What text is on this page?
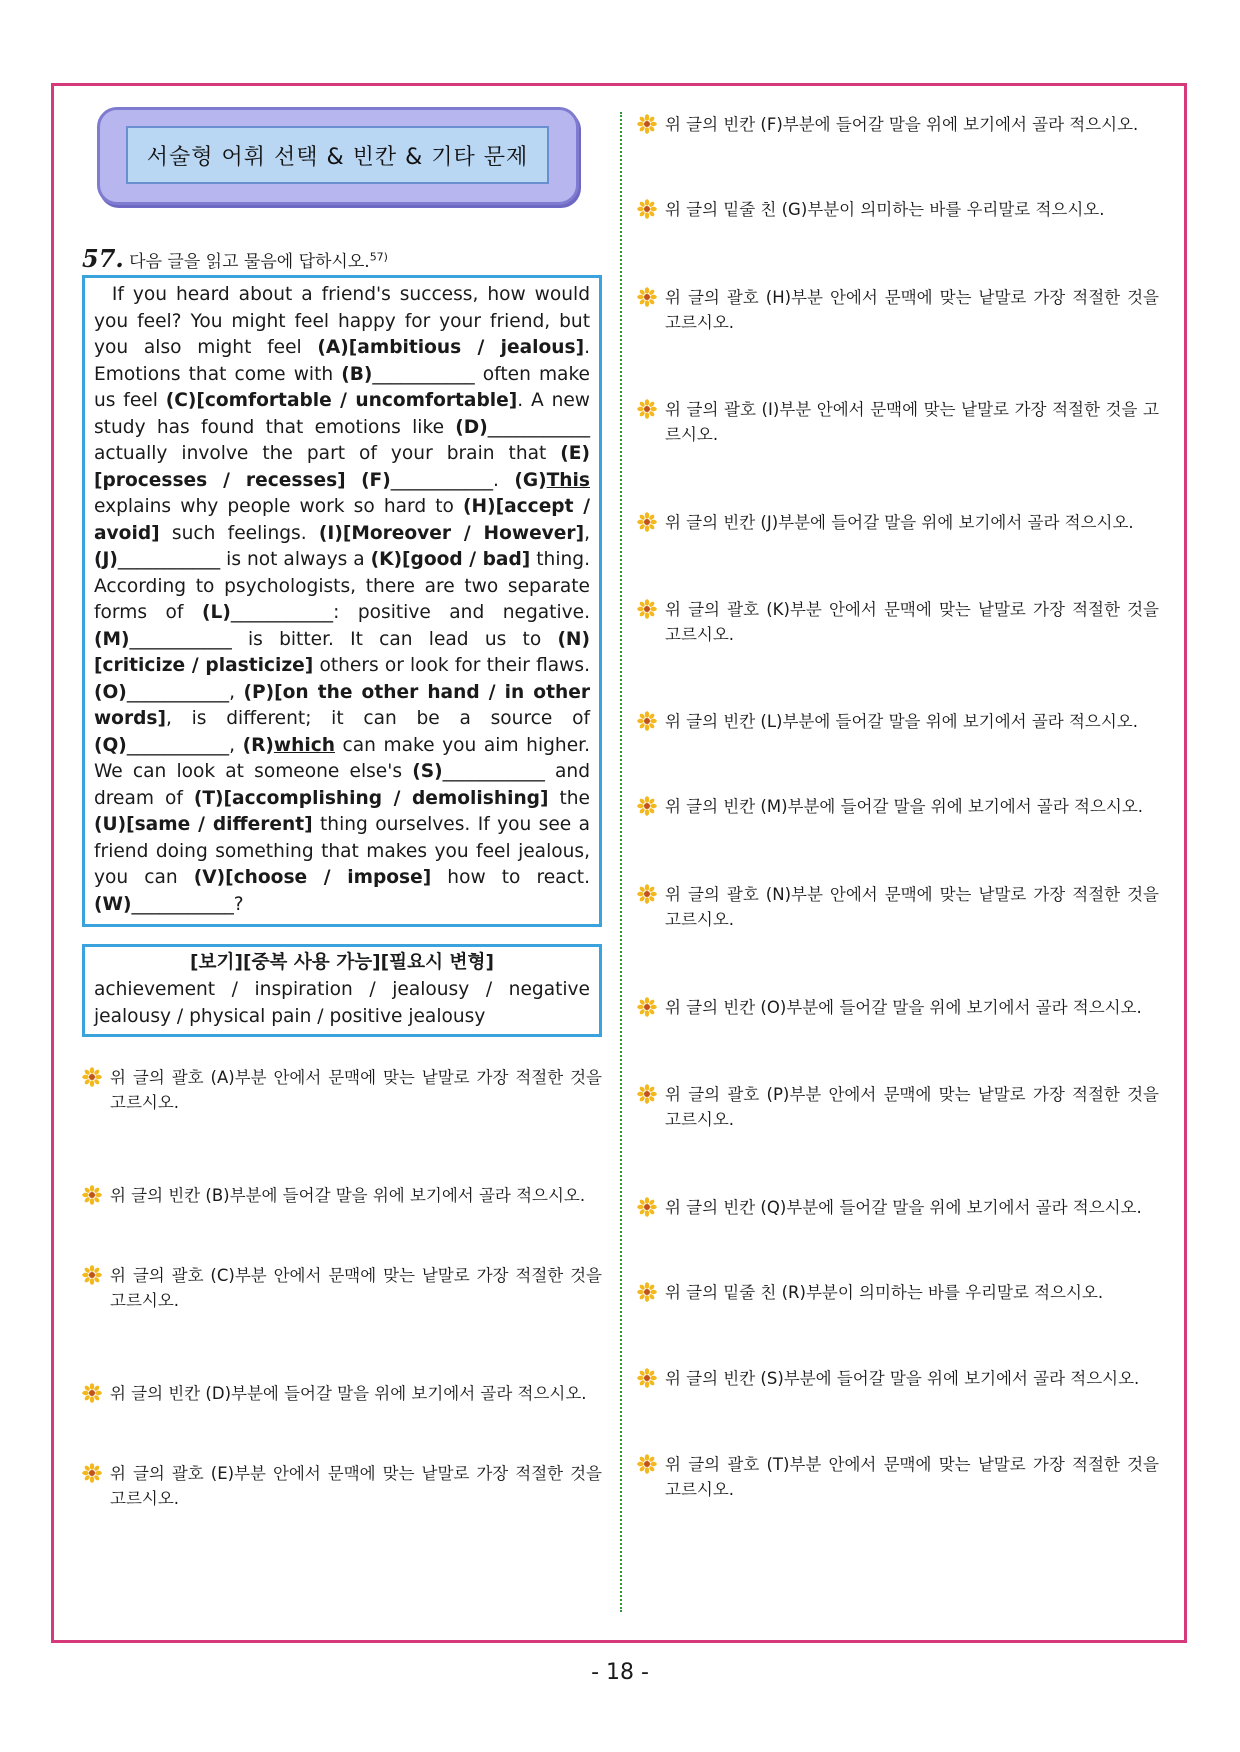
서술형 어휘 선택 & 빈칸 & 기타 문제
57. 다음 글을 읽고 물음에 답하시오.$^{57)}$
If you heard about a friend's success, how would you feel? You might feel happy for your friend, but you also might feel (A)[ambitious / jealous]. Emotions that come with (B)___________ often make us feel (C)[comfortable / uncomfortable]. A new study has found that emotions like (D)___________ actually involve the part of your brain that (E)[processes / recesses] (F)___________. (G)This explains why people work so hard to (H)[accept / avoid] such feelings. (I)[Moreover / However], (J)___________ is not always a (K)[good / bad] thing. According to psychologists, there are two separate forms of (L)___________: positive and negative. (M)___________ is bitter. It can lead us to (N)[criticize / plasticize] others or look for their flaws. (O)___________, (P)[on the other hand / in other words], is different; it can be a source of (Q)___________, (R)which can make you aim higher. We can look at someone else's (S)___________ and dream of (T)[accomplishing / demolishing] the (U)[same / different] thing ourselves. If you see a friend doing something that makes you feel jealous, you can (V)[choose / impose] how to react. (W)___________?
[보기][중복 사용 가능][필요시 변형]
achievement / inspiration / jealousy / negative jealousy / physical pain / positive jealousy
위 글의 괄호 (A)부분 안에서 문맥에 맞는 낱말로 가장 적절한 것을 고르시오.
위 글의 빈칸 (B)부분에 들어갈 말을 위에 보기에서 골라 적으시오.
위 글의 괄호 (C)부분 안에서 문맥에 맞는 낱말로 가장 적절한 것을 고르시오.
위 글의 빈칸 (D)부분에 들어갈 말을 위에 보기에서 골라 적으시오.
위 글의 괄호 (E)부분 안에서 문맥에 맞는 낱말로 가장 적절한 것을 고르시오.
위 글의 빈칸 (F)부분에 들어갈 말을 위에 보기에서 골라 적으시오.
위 글의 밑줄 친 (G)부분이 의미하는 바를 우리말로 적으시오.
위 글의 괄호 (H)부분 안에서 문맥에 맞는 낱말로 가장 적절한 것을 고르시오.
위 글의 괄호 (I)부분 안에서 문맥에 맞는 낱말로 가장 적절한 것을 고르시오.
위 글의 빈칸 (J)부분에 들어갈 말을 위에 보기에서 골라 적으시오.
위 글의 괄호 (K)부분 안에서 문맥에 맞는 낱말로 가장 적절한 것을 고르시오.
위 글의 빈칸 (L)부분에 들어갈 말을 위에 보기에서 골라 적으시오.
위 글의 빈칸 (M)부분에 들어갈 말을 위에 보기에서 골라 적으시오.
위 글의 괄호 (N)부분 안에서 문맥에 맞는 낱말로 가장 적절한 것을 고르시오.
위 글의 빈칸 (O)부분에 들어갈 말을 위에 보기에서 골라 적으시오.
위 글의 괄호 (P)부분 안에서 문맥에 맞는 낱말로 가장 적절한 것을 고르시오.
위 글의 빈칸 (Q)부분에 들어갈 말을 위에 보기에서 골라 적으시오.
위 글의 밑줄 친 (R)부분이 의미하는 바를 우리말로 적으시오.
위 글의 빈칸 (S)부분에 들어갈 말을 위에 보기에서 골라 적으시오.
위 글의 괄호 (T)부분 안에서 문맥에 맞는 낱말로 가장 적절한 것을 고르시오.
- 18 -
